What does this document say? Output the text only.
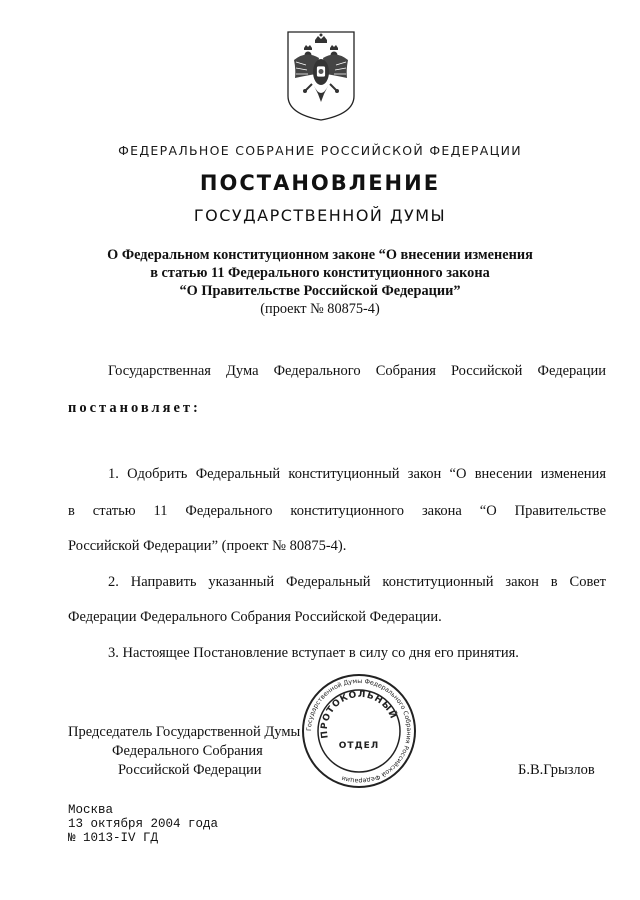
ФЕДЕРАЛЬНОЕ СОБРАНИЕ РОССИЙСКОЙ ФЕДЕРАЦИИ
ПОСТАНОВЛЕНИЕ
ГОСУДАРСТВЕННОЙ ДУМЫ
О Федеральном конституционном законе “О внесении изменения
в статью 11 Федерального конституционного закона
“О Правительстве Российской Федерации”
(проект № 80875-4)
Государственная Дума Федерального Собрания Российской Федерации
постановляет:
1. Одобрить Федеральный конституционный закон “О внесении изменения
в статью 11 Федерального конституционного закона “О Правительстве
Российской Федерации” (проект № 80875-4).
2. Направить указанный Федеральный конституционный закон в Совет
Федерации Федерального Собрания Российской Федерации.
3. Настоящее Постановление вступает в силу со дня его принятия.
Председатель Государственной Думы
Федерального Собрания
Российской Федерации	Б.В.Грызлов
Государственной Думы Федерального Собрания Российской Федерации
ПРОТОКОЛЬНЫЙ
ОТДЕЛ
Москва
13 октября 2004 года
№ 1013-IV ГД
